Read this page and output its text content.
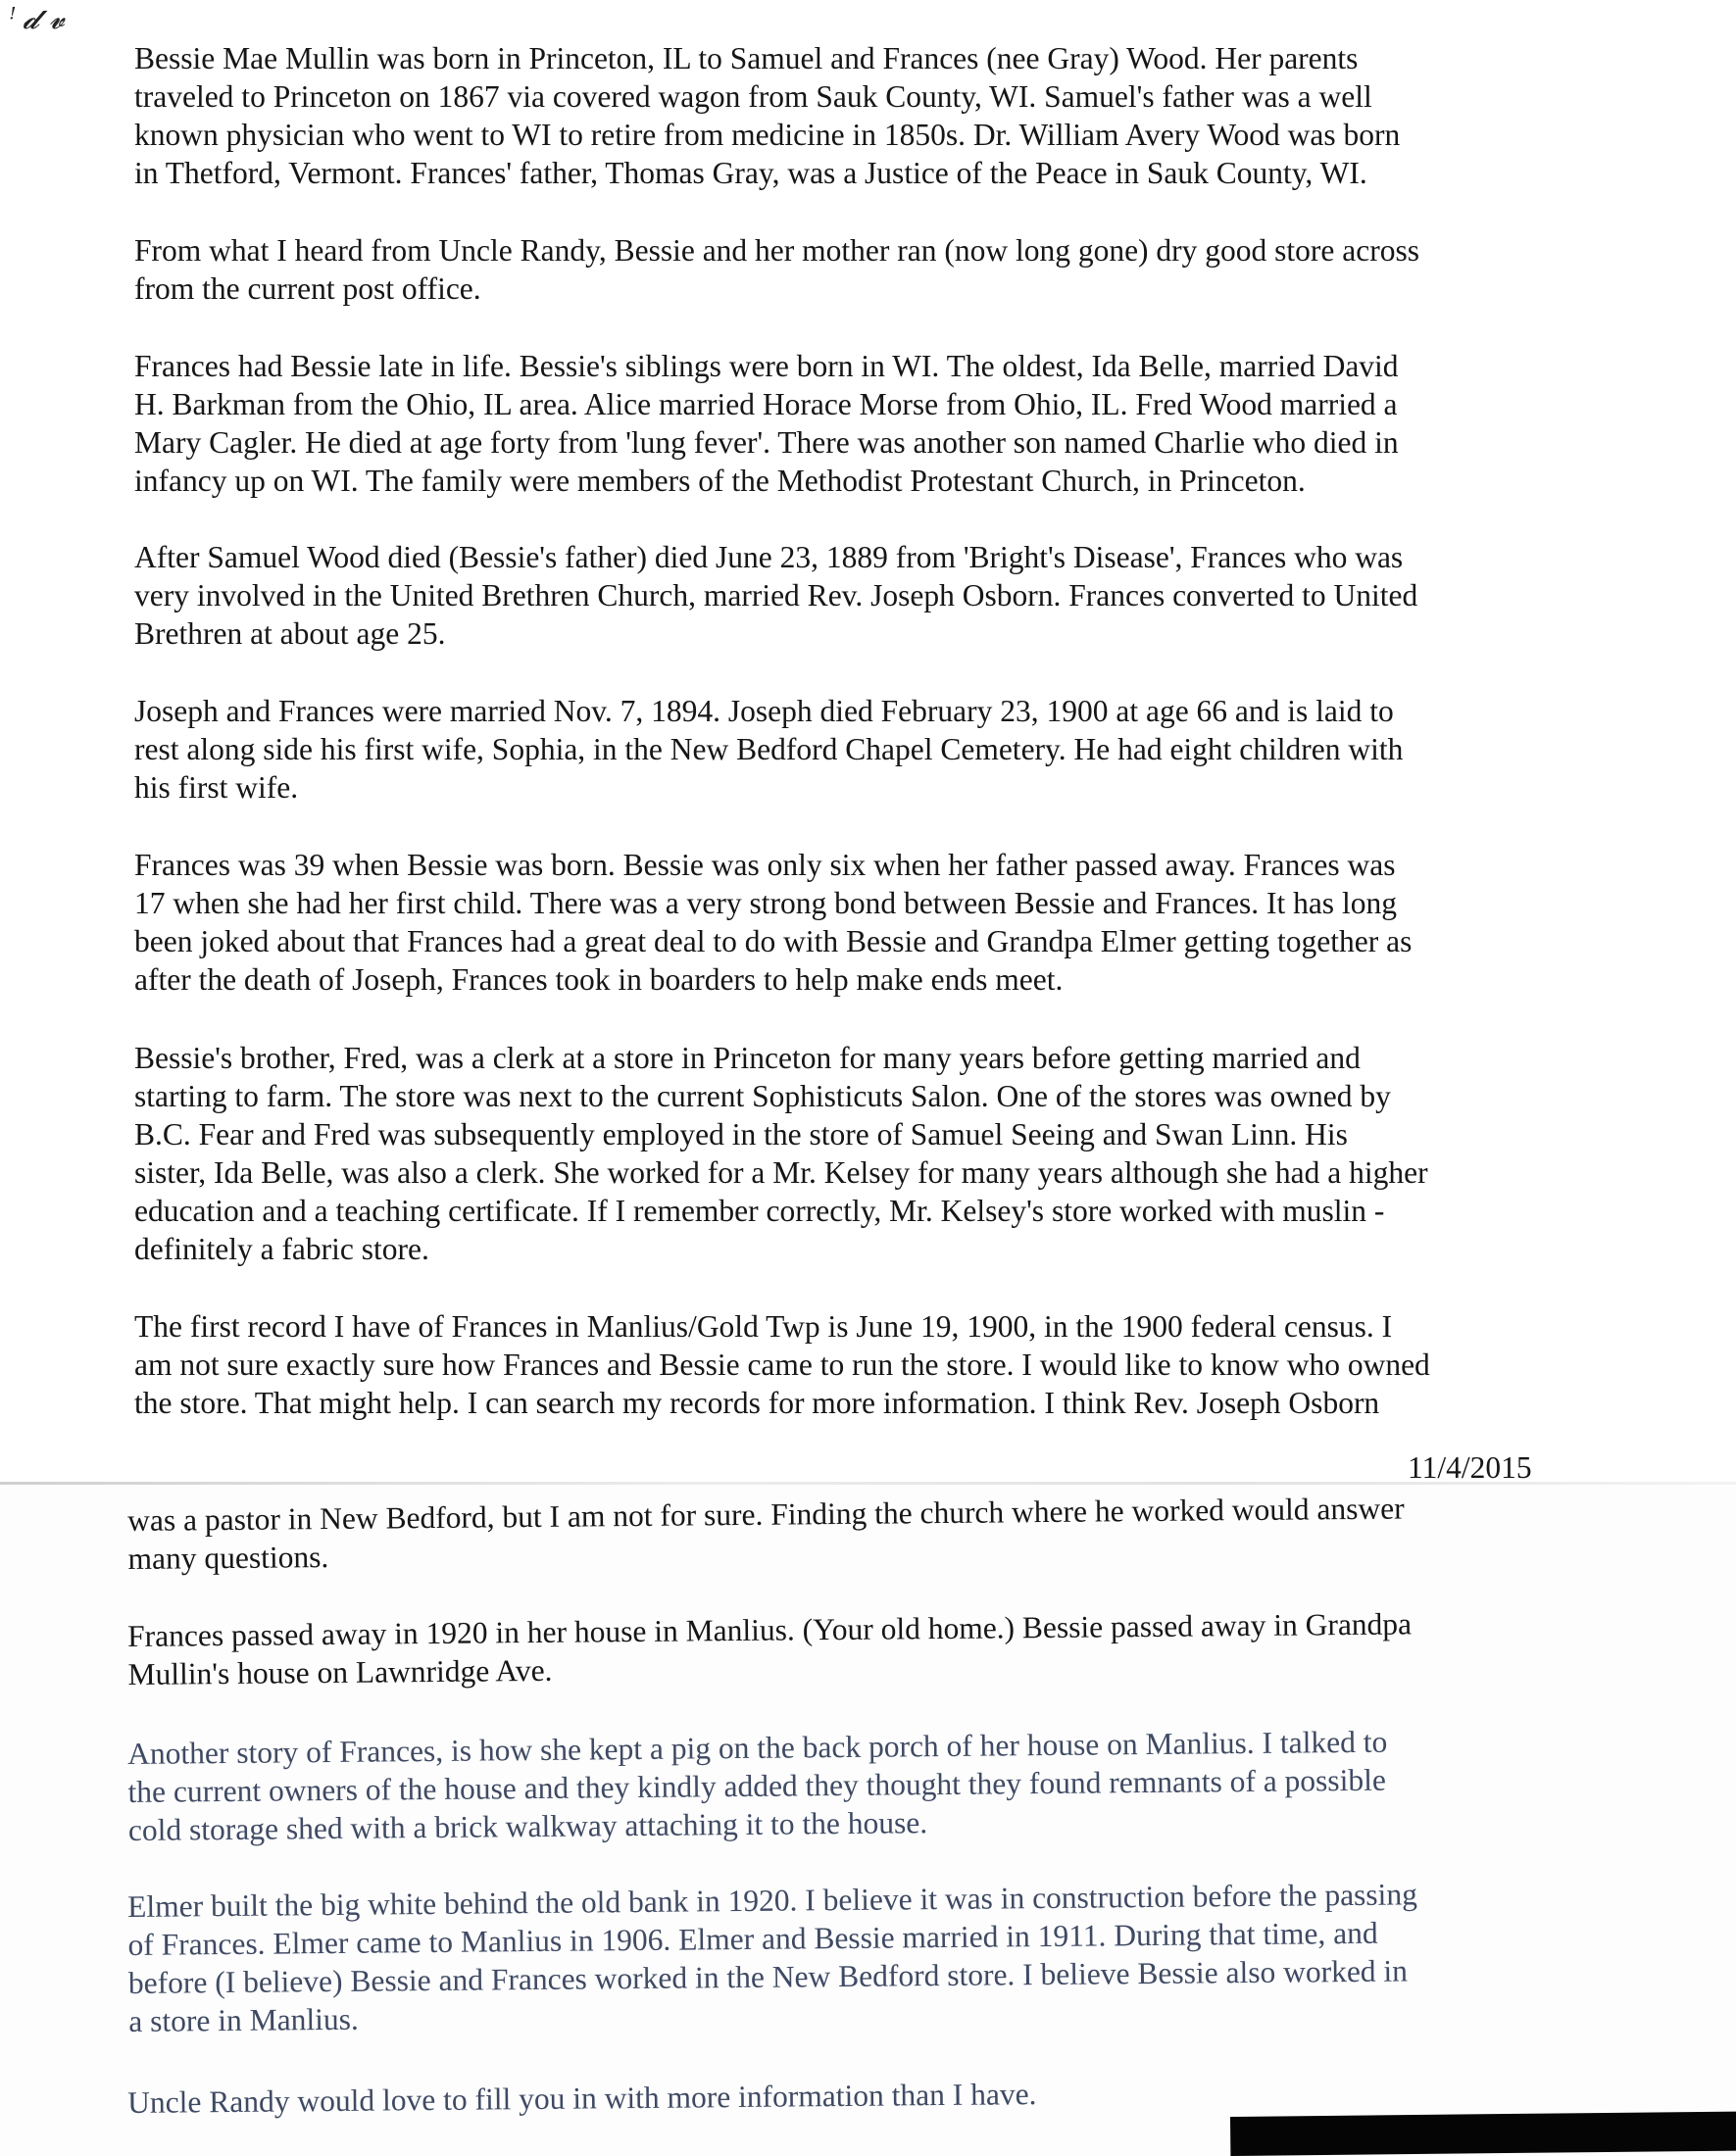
ꜝ 𝓭 𝓿

Bessie Mae Mullin was born in Princeton, IL to Samuel and Frances (nee Gray) Wood. Her parents
traveled to Princeton on 1867 via covered wagon from Sauk County, WI. Samuel's father was a well
known physician who went to WI to retire from medicine in 1850s. Dr. William Avery Wood was born
in Thetford, Vermont. Frances' father, Thomas Gray, was a Justice of the Peace in Sauk County, WI.

From what I heard from Uncle Randy, Bessie and her mother ran (now long gone) dry good store across
from the current post office.

Frances had Bessie late in life. Bessie's siblings were born in WI. The oldest, Ida Belle, married David
H. Barkman from the Ohio, IL area. Alice married Horace Morse from Ohio, IL. Fred Wood married a
Mary Cagler. He died at age forty from 'lung fever'. There was another son named Charlie who died in
infancy up on WI. The family were members of the Methodist Protestant Church, in Princeton.

After Samuel Wood died (Bessie's father) died June 23, 1889 from 'Bright's Disease', Frances who was
very involved in the United Brethren Church, married Rev. Joseph Osborn. Frances converted to United
Brethren at about age 25.

Joseph and Frances were married Nov. 7, 1894. Joseph died February 23, 1900 at age 66 and is laid to
rest along side his first wife, Sophia, in the New Bedford Chapel Cemetery. He had eight children with
his first wife.

Frances was 39 when Bessie was born. Bessie was only six when her father passed away. Frances was
17 when she had her first child. There was a very strong bond between Bessie and Frances. It has long
been joked about that Frances had a great deal to do with Bessie and Grandpa Elmer getting together as
after the death of Joseph, Frances took in boarders to help make ends meet.

Bessie's brother, Fred, was a clerk at a store in Princeton for many years before getting married and
starting to farm. The store was next to the current Sophisticuts Salon. One of the stores was owned by
B.C. Fear and Fred was subsequently employed in the store of Samuel Seeing and Swan Linn. His
sister, Ida Belle, was also a clerk. She worked for a Mr. Kelsey for many years although she had a higher
education and a teaching certificate. If I remember correctly, Mr. Kelsey's store worked with muslin -
definitely a fabric store.

The first record I have of Frances in Manlius/Gold Twp is June 19, 1900, in the 1900 federal census. I
am not sure exactly sure how Frances and Bessie came to run the store. I would like to know who owned
the store. That might help. I can search my records for more information. I think Rev. Joseph Osborn

11/4/2015

was a pastor in New Bedford, but I am not for sure. Finding the church where he worked would answer
many questions.

Frances passed away in 1920 in her house in Manlius. (Your old home.) Bessie passed away in Grandpa
Mullin's house on Lawnridge Ave.

Another story of Frances, is how she kept a pig on the back porch of her house on Manlius. I talked to
the current owners of the house and they kindly added they thought they found remnants of a possible
cold storage shed with a brick walkway attaching it to the house.

Elmer built the big white behind the old bank in 1920. I believe it was in construction before the passing
of Frances. Elmer came to Manlius in 1906. Elmer and Bessie married in 1911. During that time, and
before (I believe) Bessie and Frances worked in the New Bedford store. I believe Bessie also worked in
a store in Manlius.

Uncle Randy would love to fill you in with more information than I have.
